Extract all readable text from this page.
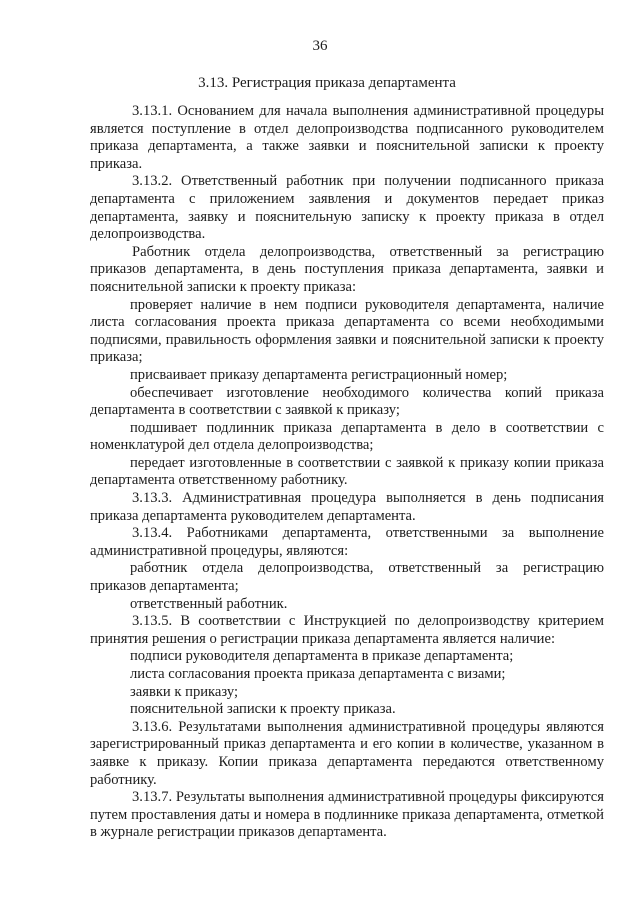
36
3.13. Регистрация приказа департамента

3.13.1. Основанием для начала выполнения административной процедуры является поступление в отдел делопроизводства подписанного руководителем приказа департамента, а также заявки и пояснительной записки к проекту приказа.

3.13.2. Ответственный работник при получении подписанного приказа департамента с приложением заявления и документов передает приказ департамента, заявку и пояснительную записку к проекту приказа в отдел делопроизводства.

Работник отдела делопроизводства, ответственный за регистрацию приказов департамента, в день поступления приказа департамента, заявки и пояснительной записки к проекту приказа:

проверяет наличие в нем подписи руководителя департамента, наличие листа согласования проекта приказа департамента со всеми необходимыми подписями, правильность оформления заявки и пояснительной записки к проекту приказа;

присваивает приказу департамента регистрационный номер;

обеспечивает изготовление необходимого количества копий приказа департамента в соответствии с заявкой к приказу;

подшивает подлинник приказа департамента в дело в соответствии с номенклатурой дел отдела делопроизводства;

передает изготовленные в соответствии с заявкой к приказу копии приказа департамента ответственному работнику.

3.13.3. Административная процедура выполняется в день подписания приказа департамента руководителем департамента.

3.13.4. Работниками департамента, ответственными за выполнение административной процедуры, являются:

работник отдела делопроизводства, ответственный за регистрацию приказов департамента;

ответственный работник.

3.13.5. В соответствии с Инструкцией по делопроизводству критерием принятия решения о регистрации приказа департамента является наличие:

подписи руководителя департамента в приказе департамента;

листа согласования проекта приказа департамента с визами;

заявки к приказу;

пояснительной записки к проекту приказа.

3.13.6. Результатами выполнения административной процедуры являются зарегистрированный приказ департамента и его копии в количестве, указанном в заявке к приказу. Копии приказа департамента передаются ответственному работнику.

3.13.7. Результаты выполнения административной процедуры фиксируются путем проставления даты и номера в подлиннике приказа департамента, отметкой в журнале регистрации приказов департамента.
